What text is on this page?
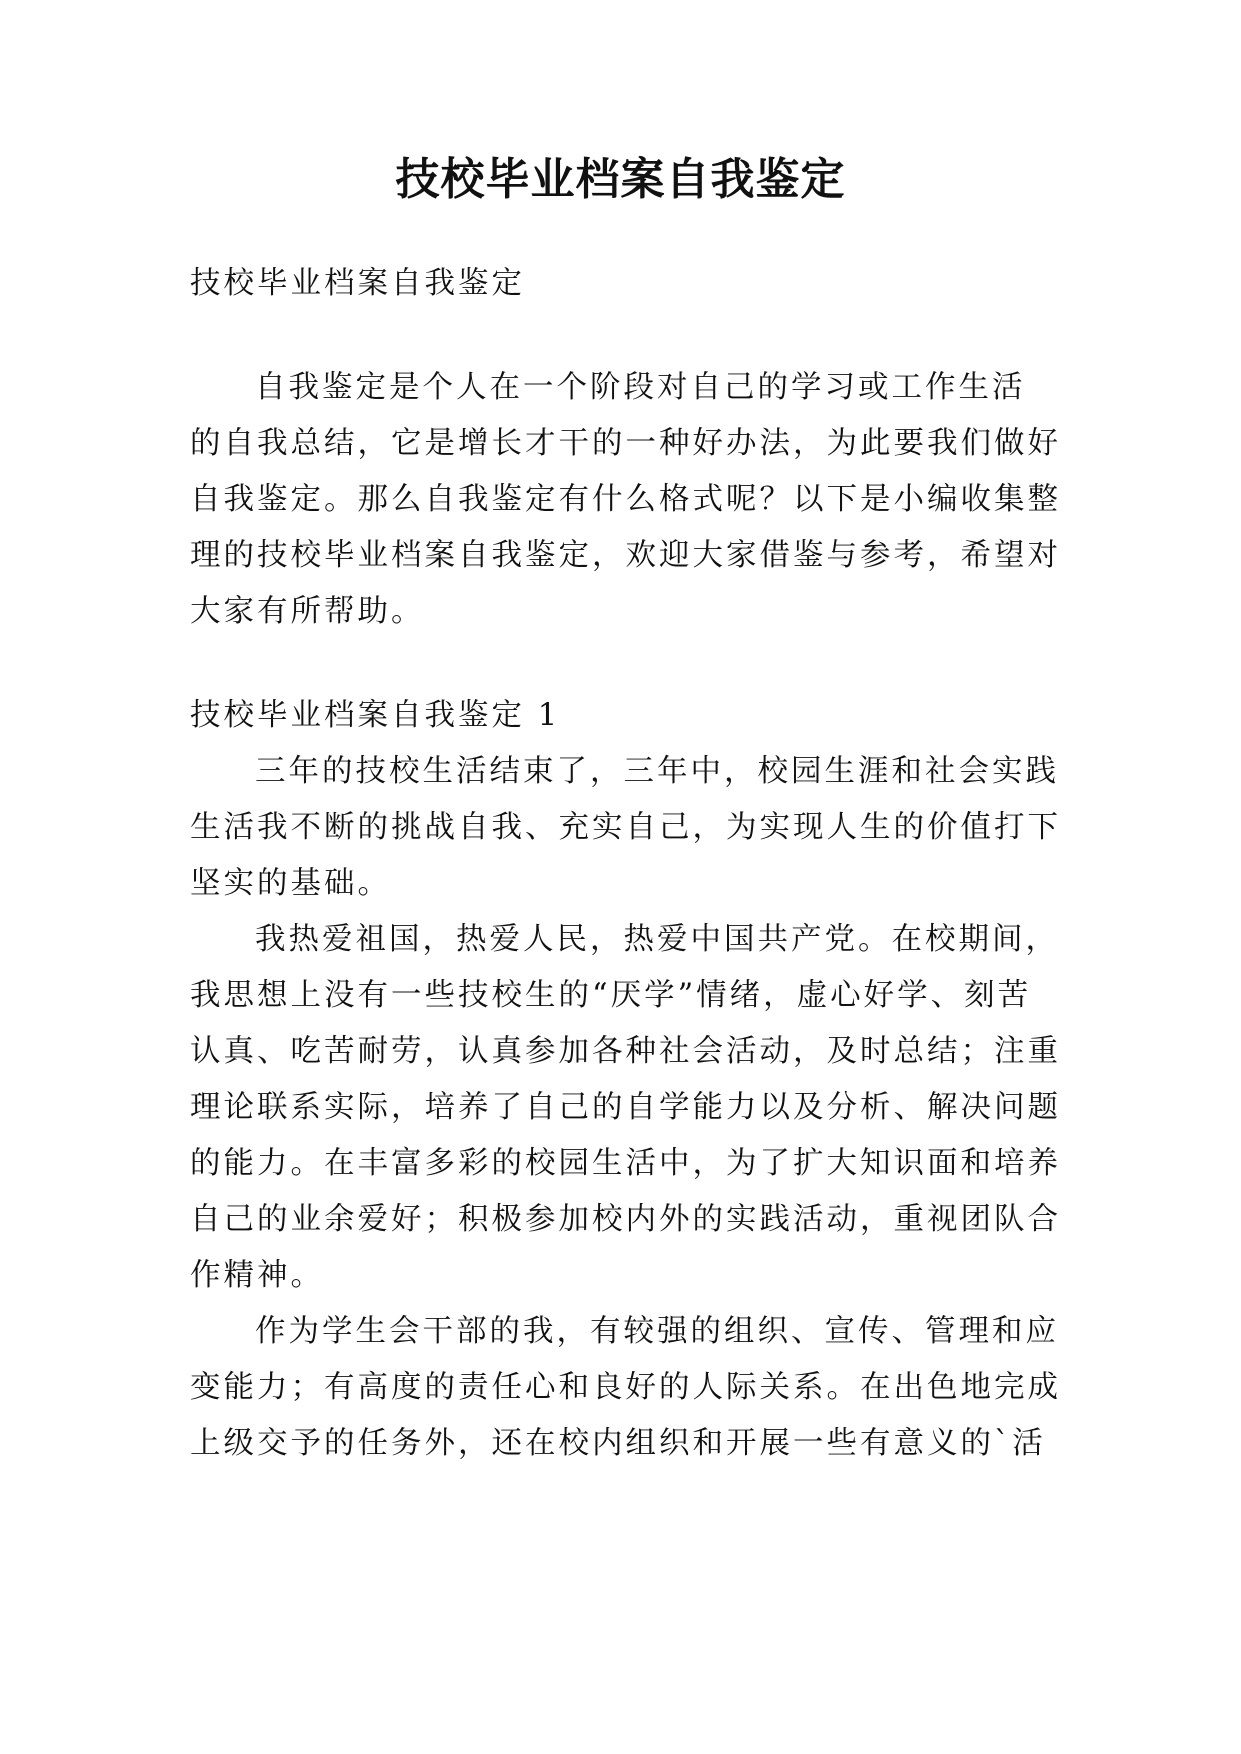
技校毕业档案自我鉴定

技校毕业档案自我鉴定

自我鉴定是个人在一个阶段对自己的学习或工作生活

的自我总结，它是增长才干的一种好办法，为此要我们做好

自我鉴定。那么自我鉴定有什么格式呢？以下是小编收集整

理的技校毕业档案自我鉴定，欢迎大家借鉴与参考，希望对

大家有所帮助。

技校毕业档案自我鉴定 1

三年的技校生活结束了，三年中，校园生涯和社会实践

生活我不断的挑战自我、充实自己，为实现人生的价值打下

坚实的基础。

我热爱祖国，热爱人民，热爱中国共产党。在校期间，

我思想上没有一些技校生的“厌学”情绪，虚心好学、刻苦

认真、吃苦耐劳，认真参加各种社会活动，及时总结；注重

理论联系实际，培养了自己的自学能力以及分析、解决问题

的能力。在丰富多彩的校园生活中，为了扩大知识面和培养

自己的业余爱好；积极参加校内外的实践活动，重视团队合

作精神。

作为学生会干部的我，有较强的组织、宣传、管理和应

变能力；有高度的责任心和良好的人际关系。在出色地完成

上级交予的任务外，还在校内组织和开展一些有意义的`活
